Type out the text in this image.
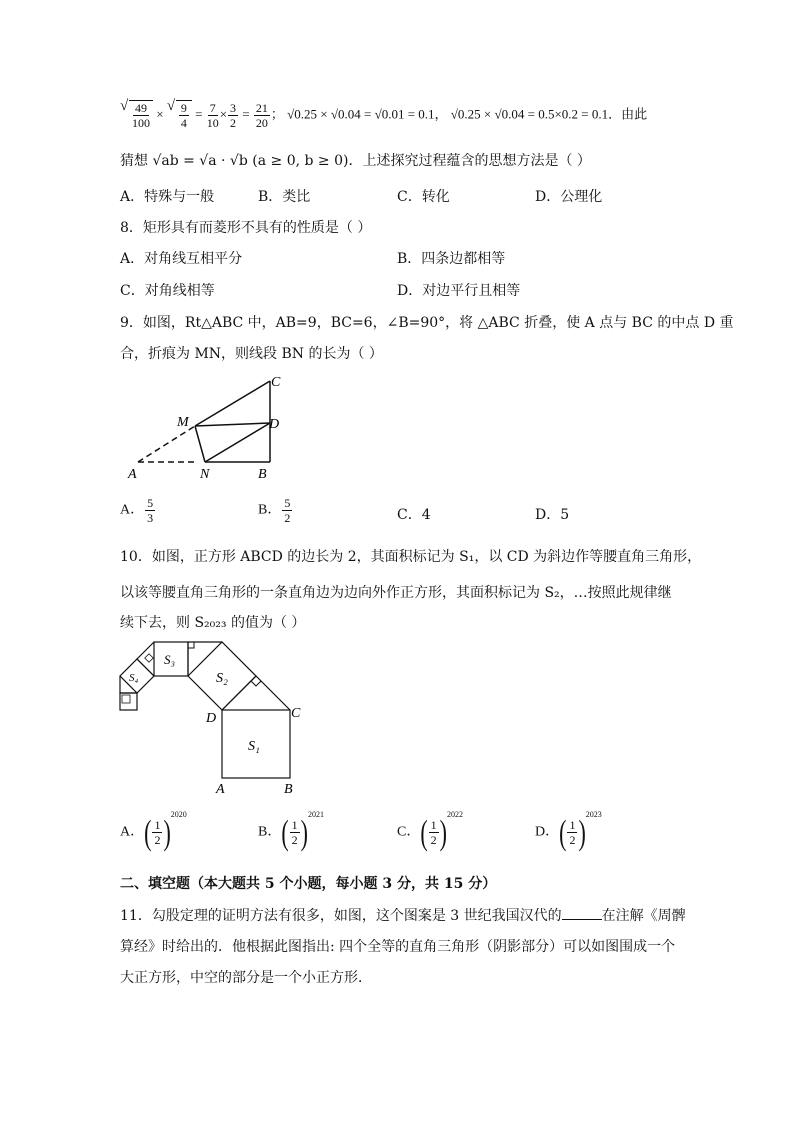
√ $\frac{49}{100}$ ×
√ $\frac{9}{4} = \frac{7}{10} \times \frac{3}{2} = \frac{21}{20}$ ； √0.25 × √0.04 = √0.01 = 0.1， √0.25 × √0.04 = 0.5×0.2 = 0.1．由此
猜想 √ab = √a · √b (a ≥ 0, b ≥ 0)．上述探究过程蕴含的思想方法是（ ）
A．特殊与一般	B．类比	C．转化	D．公理化
8．矩形具有而菱形不具有的性质是（ ）
A．对角线互相平分	B．四条边都相等
C．对角线相等	D．对边平行且相等
9．如图，Rt△ABC 中，AB=9，BC=6，∠B=90°，将 △ABC 折叠，使 A 点与 BC 的中点 D 重
合，折痕为 MN，则线段 BN 的长为（ ）
C
M	D
A	N	B
A． $\frac{5}{3}$	B． $\frac{5}{2}$	C．4	D．5
10．如图，正方形 ABCD 的边长为 2，其面积标记为 S₁，以 CD 为斜边作等腰直角三角形，
以该等腰直角三角形的一条直角边为边向外作正方形，其面积标记为 S₂，…按照此规律继
续下去，则 S₂₀₂₃ 的值为（ ）
S₁
S₂
S₃
S₄
D	C
A	B
A．( $\frac{1}{2} )^{2020}$
B．( $\frac{1}{2} )^{2021}$
C．( $\frac{1}{2} )^{2022}$
D．( $\frac{1}{2} )^{2023}$
二、填空题（本大题共 5 个小题，每小题 3 分，共 15 分）
11．勾股定理的证明方法有很多，如图，这个图案是 3 世纪我国汉代的	在注解《周髀
算经》时给出的．他根据此图指出: 四个全等的直角三角形（阴影部分）可以如图围成一个
大正方形，中空的部分是一个小正方形．
